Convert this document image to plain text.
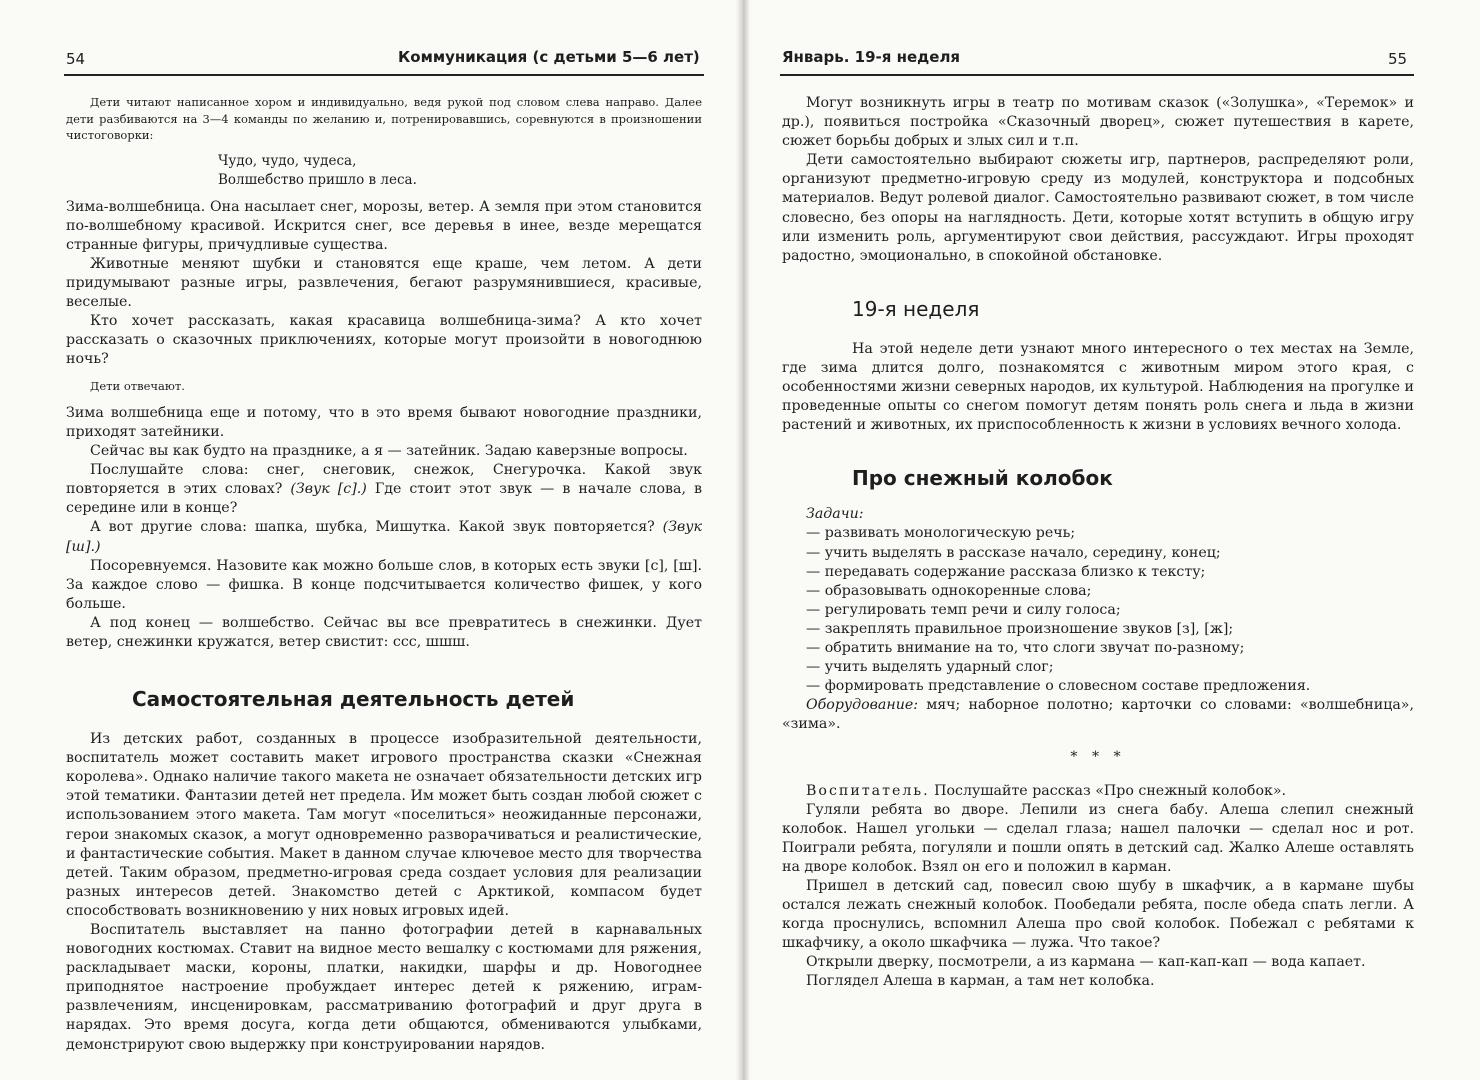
54	Коммуникация (с детьми 5—6 лет)

Дети читают написанное хором и индивидуально, ведя рукой под словом слева направо. Далее дети разбиваются на 3—4 команды по желанию и, потренировавшись, соревнуются в произношении чистоговорки:

Чудо, чудо, чудеса,

Волшебство пришло в леса.

Зима-волшебница. Она насылает снег, морозы, ветер. А земля при этом становится по-волшебному красивой. Искрится снег, все деревья в инее, везде мерещатся странные фигуры, причудливые существа.

Животные меняют шубки и становятся еще краше, чем летом. А дети придумывают разные игры, развлечения, бегают разрумянившиеся, красивые, веселые.

Кто хочет рассказать, какая красавица волшебница-зима? А кто хочет рассказать о сказочных приключениях, которые могут произойти в новогоднюю ночь?

Дети отвечают.

Зима волшебница еще и потому, что в это время бывают новогодние праздники, приходят затейники.

Сейчас вы как будто на празднике, а я — затейник. Задаю каверзные вопросы.

Послушайте слова: снег, снеговик, снежок, Снегурочка. Какой звук повторяется в этих словах? (Звук [с].) Где стоит этот звук — в начале слова, в середине или в конце?

А вот другие слова: шапка, шубка, Мишутка. Какой звук повторяется? (Звук [ш].)

Посоревнуемся. Назовите как можно больше слов, в которых есть звуки [с], [ш]. За каждое слово — фишка. В конце подсчитывается количество фишек, у кого больше.

А под конец — волшебство. Сейчас вы все превратитесь в снежинки. Дует ветер, снежинки кружатся, ветер свистит: ссс, шшш.

Самостоятельная деятельность детей

Из детских работ, созданных в процессе изобразительной деятельности, воспитатель может составить макет игрового пространства сказки «Снежная королева». Однако наличие такого макета не означает обязательности детских игр этой тематики. Фантазии детей нет предела. Им может быть создан любой сюжет с использованием этого макета. Там могут «поселиться» неожиданные персонажи, герои знакомых сказок, а могут одновременно разворачиваться и реалистические, и фантастические события. Макет в данном случае ключевое место для творчества детей. Таким образом, предметно-игровая среда создает условия для реализации разных интересов детей. Знакомство детей с Арктикой, компасом будет способствовать возникновению у них новых игровых идей.

Воспитатель выставляет на панно фотографии детей в карнавальных новогодних костюмах. Ставит на видное место вешалку с костюмами для ряжения, раскладывает маски, короны, платки, накидки, шарфы и др. Новогоднее приподнятое настроение пробуждает интерес детей к ряжению, играм-развлечениям, инсценировкам, рассматриванию фотографий и друг друга в нарядах. Это время досуга, когда дети общаются, обмениваются улыбками, демонстрируют свою выдержку при конструировании нарядов.

Январь. 19-я неделя	55

Могут возникнуть игры в театр по мотивам сказок («Золушка», «Теремок» и др.), появиться постройка «Сказочный дворец», сюжет путешествия в карете, сюжет борьбы добрых и злых сил и т.п.

Дети самостоятельно выбирают сюжеты игр, партнеров, распределяют роли, организуют предметно-игровую среду из модулей, конструктора и подсобных материалов. Ведут ролевой диалог. Самостоятельно развивают сюжет, в том числе словесно, без опоры на наглядность. Дети, которые хотят вступить в общую игру или изменить роль, аргументируют свои действия, рассуждают. Игры проходят радостно, эмоционально, в спокойной обстановке.

19-я неделя

На этой неделе дети узнают много интересного о тех местах на Земле, где зима длится долго, познакомятся с животным миром этого края, с особенностями жизни северных народов, их культурой. Наблюдения на прогулке и проведенные опыты со снегом помогут детям понять роль снега и льда в жизни растений и животных, их приспособленность к жизни в условиях вечного холода.

Про снежный колобок

Задачи:

— развивать монологическую речь;

— учить выделять в рассказе начало, середину, конец;

— передавать содержание рассказа близко к тексту;

— образовывать однокоренные слова;

— регулировать темп речи и силу голоса;

— закреплять правильное произношение звуков [з], [ж];

— обратить внимание на то, что слоги звучат по-разному;

— учить выделять ударный слог;

— формировать представление о словесном составе предложения.

Оборудование: мяч; наборное полотно; карточки со словами: «волшебница», «зима».

* * *

Воспитатель. Послушайте рассказ «Про снежный колобок».

Гуляли ребята во дворе. Лепили из снега бабу. Алеша слепил снежный колобок. Нашел угольки — сделал глаза; нашел палочки — сделал нос и рот. Поиграли ребята, погуляли и пошли опять в детский сад. Жалко Алеше оставлять на дворе колобок. Взял он его и положил в карман.

Пришел в детский сад, повесил свою шубу в шкафчик, а в кармане шубы остался лежать снежный колобок. Пообедали ребята, после обеда спать легли. А когда проснулись, вспомнил Алеша про свой колобок. Побежал с ребятами к шкафчику, а около шкафчика — лужа. Что такое?

Открыли дверку, посмотрели, а из кармана — кап-кап-кап — вода капает.

Поглядел Алеша в карман, а там нет колобка.
